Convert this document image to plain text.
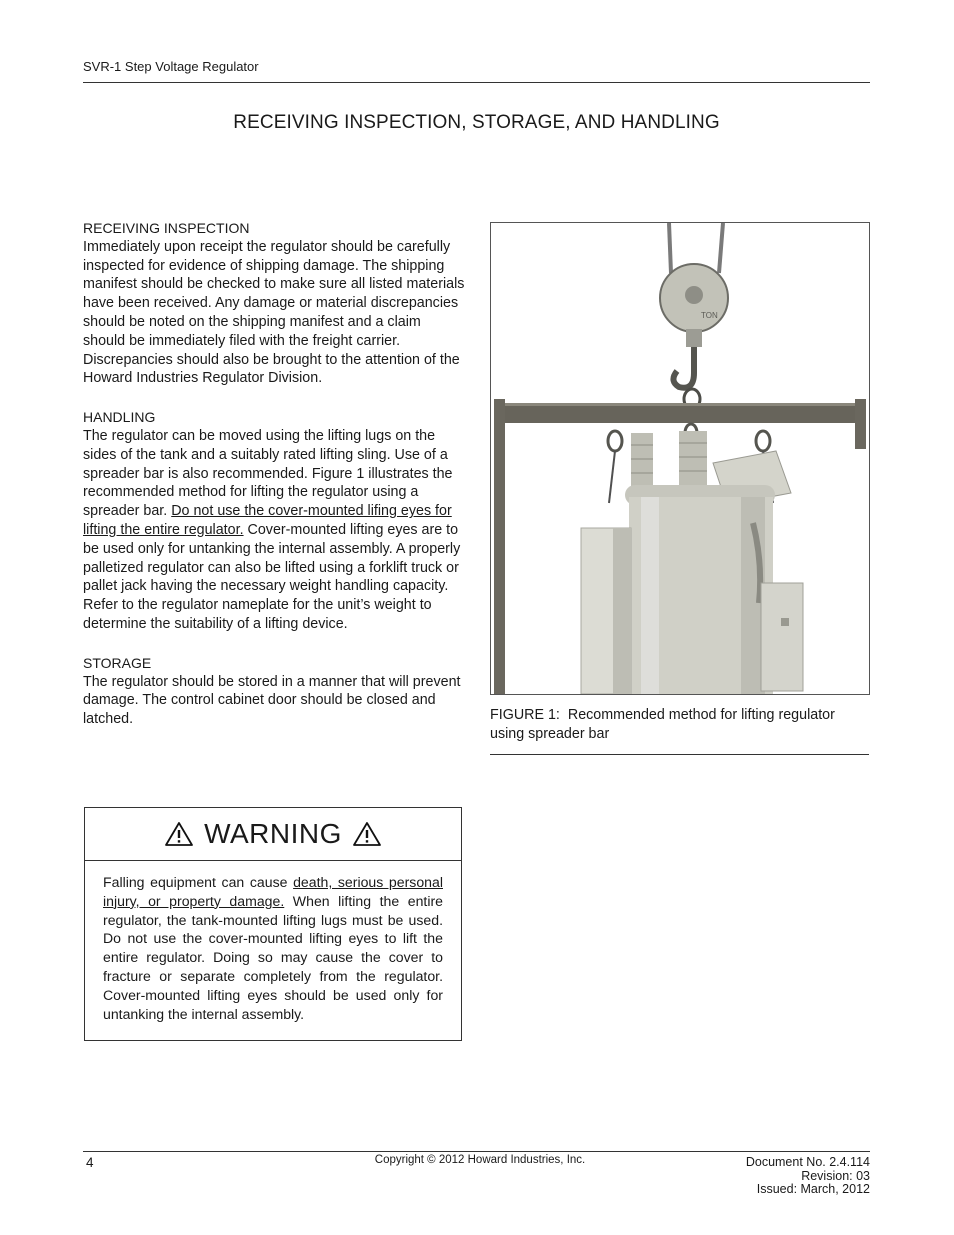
SVR-1 Step Voltage Regulator
RECEIVING INSPECTION, STORAGE, AND HANDLING
RECEIVING INSPECTION

Immediately upon receipt the regulator should be carefully inspected for evidence of shipping damage. The shipping manifest should be checked to make sure all listed materials have been received. Any damage or material discrepancies should be noted on the shipping manifest and a claim should be immediately filed with the freight carrier. Discrepancies should also be brought to the attention of the Howard Industries Regulator Division.

HANDLING

The regulator can be moved using the lifting lugs on the sides of the tank and a suitably rated lifting sling. Use of a spreader bar is also recommended. Figure 1 illustrates the recommended method for lifting the regulator using a spreader bar. Do not use the cover-mounted lifing eyes for lifting the entire regulator. Cover-mounted lifting eyes are to be used only for untanking the internal assembly. A properly palletized regulator can also be lifted using a forklift truck or pallet jack having the necessary weight handling capacity. Refer to the regulator nameplate for the unit’s weight to determine the suitability of a lifting device.

STORAGE

The regulator should be stored in a manner that will prevent damage. The control cabinet door should be closed and latched.

TON
FIGURE 1: Recommended method for lifting regulator using spreader bar
WARNING
Falling equipment can cause death, serious personal injury, or property damage. When lifting the entire regulator, the tank-mounted lifting lugs must be used. Do not use the cover-mounted lifting eyes to lift the entire regulator. Doing so may cause the cover to fracture or separate completely from the regulator. Cover-mounted lifting eyes should be used only for untanking the internal assembly.
4	Copyright © 2012 Howard Industries, Inc.	Document No. 2.4.114
Revision: 03
Issued: March, 2012
